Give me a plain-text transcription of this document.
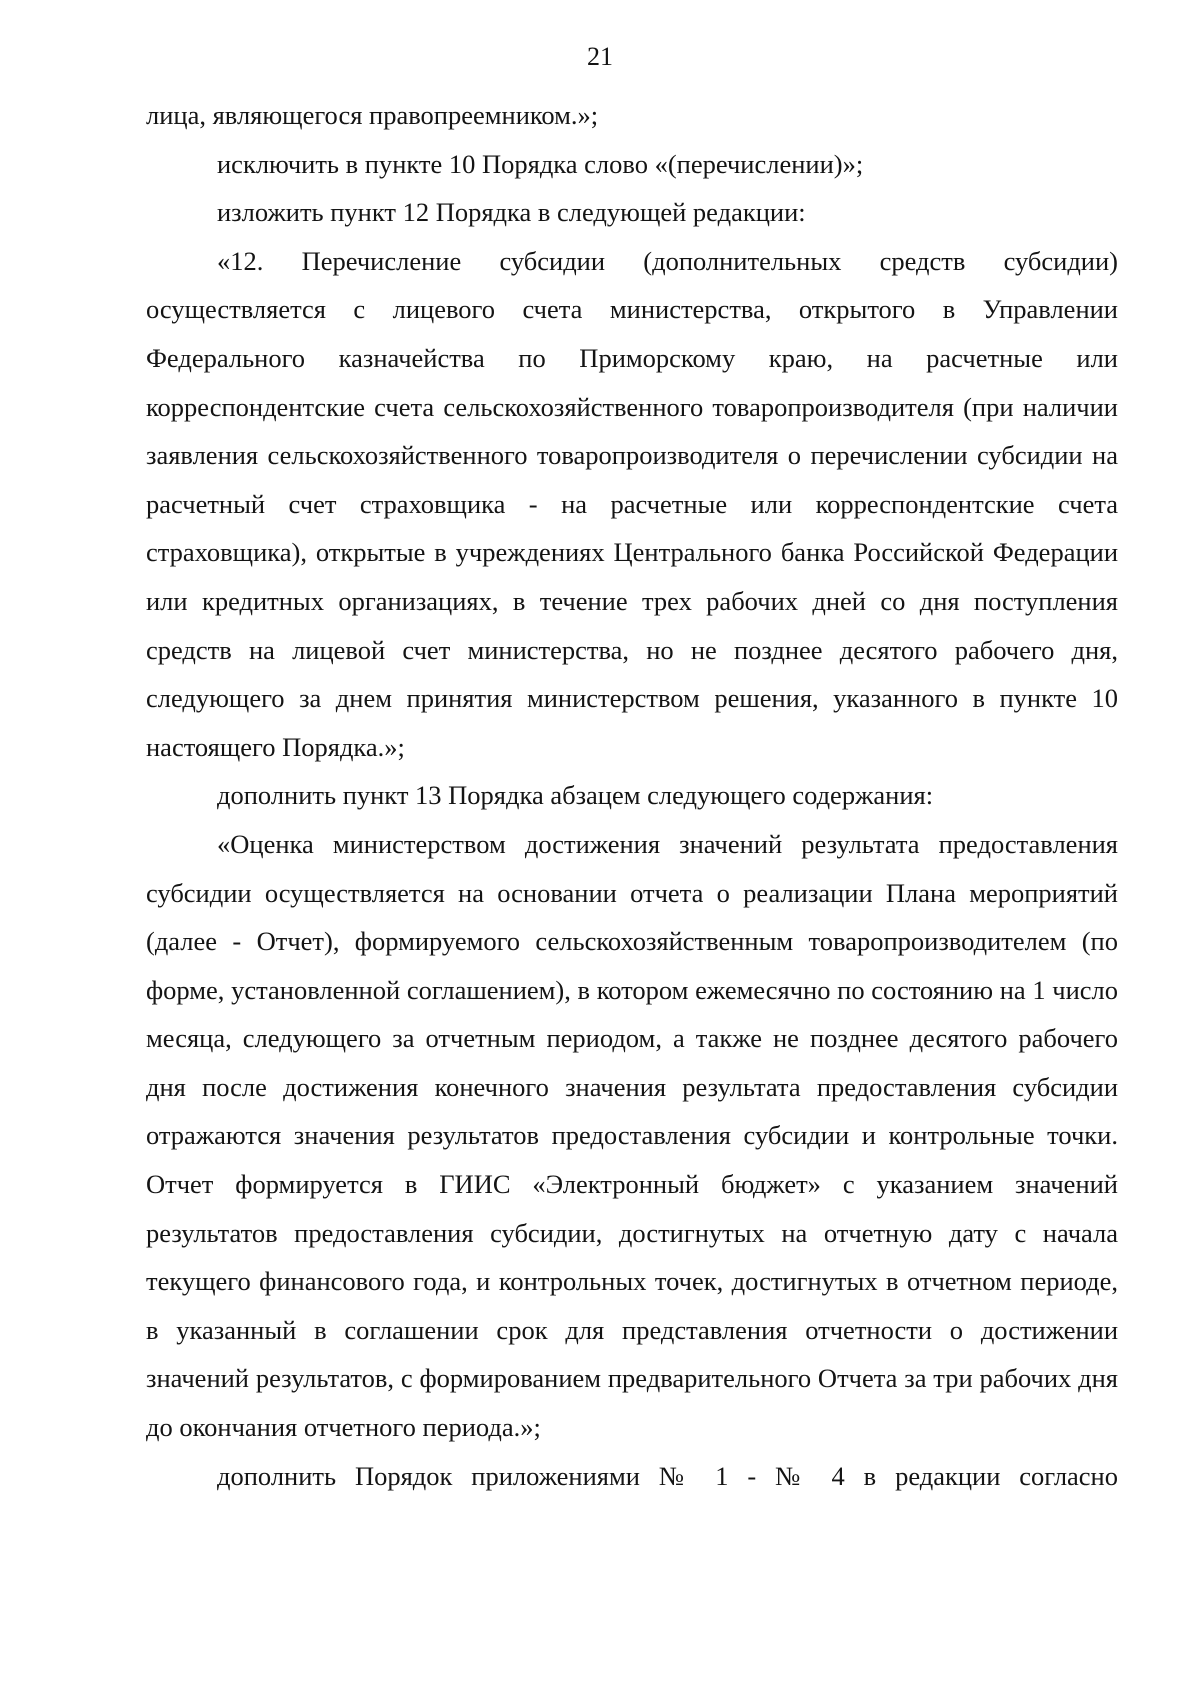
21

лица, являющегося правопреемником.»;

исключить в пункте 10 Порядка слово «(перечислении)»;

изложить пункт 12 Порядка в следующей редакции:

«12. Перечисление субсидии (дополнительных средств субсидии) осуществляется с лицевого счета министерства, открытого в Управлении Федерального казначейства по Приморскому краю, на расчетные или корреспондентские счета сельскохозяйственного товаропроизводителя (при наличии заявления сельскохозяйственного товаропроизводителя о перечислении субсидии на расчетный счет страховщика - на расчетные или корреспондентские счета страховщика), открытые в учреждениях Центрального банка Российской Федерации или кредитных организациях, в течение трех рабочих дней со дня поступления средств на лицевой счет министерства, но не позднее десятого рабочего дня, следующего за днем принятия министерством решения, указанного в пункте 10 настоящего Порядка.»;

дополнить пункт 13 Порядка абзацем следующего содержания:

«Оценка министерством достижения значений результата предоставления субсидии осуществляется на основании отчета о реализации Плана мероприятий (далее - Отчет), формируемого сельскохозяйственным товаропроизводителем (по форме, установленной соглашением), в котором ежемесячно по состоянию на 1 число месяца, следующего за отчетным периодом, а также не позднее десятого рабочего дня после достижения конечного значения результата предоставления субсидии отражаются значения результатов предоставления субсидии и контрольные точки. Отчет формируется в ГИИС «Электронный бюджет» с указанием значений результатов предоставления субсидии, достигнутых на отчетную дату с начала текущего финансового года, и контрольных точек, достигнутых в отчетном периоде, в указанный в соглашении срок для представления отчетности о достижении значений результатов, с формированием предварительного Отчета за три рабочих дня до окончания отчетного периода.»;

дополнить Порядок приложениями № 1 - № 4 в редакции согласно
